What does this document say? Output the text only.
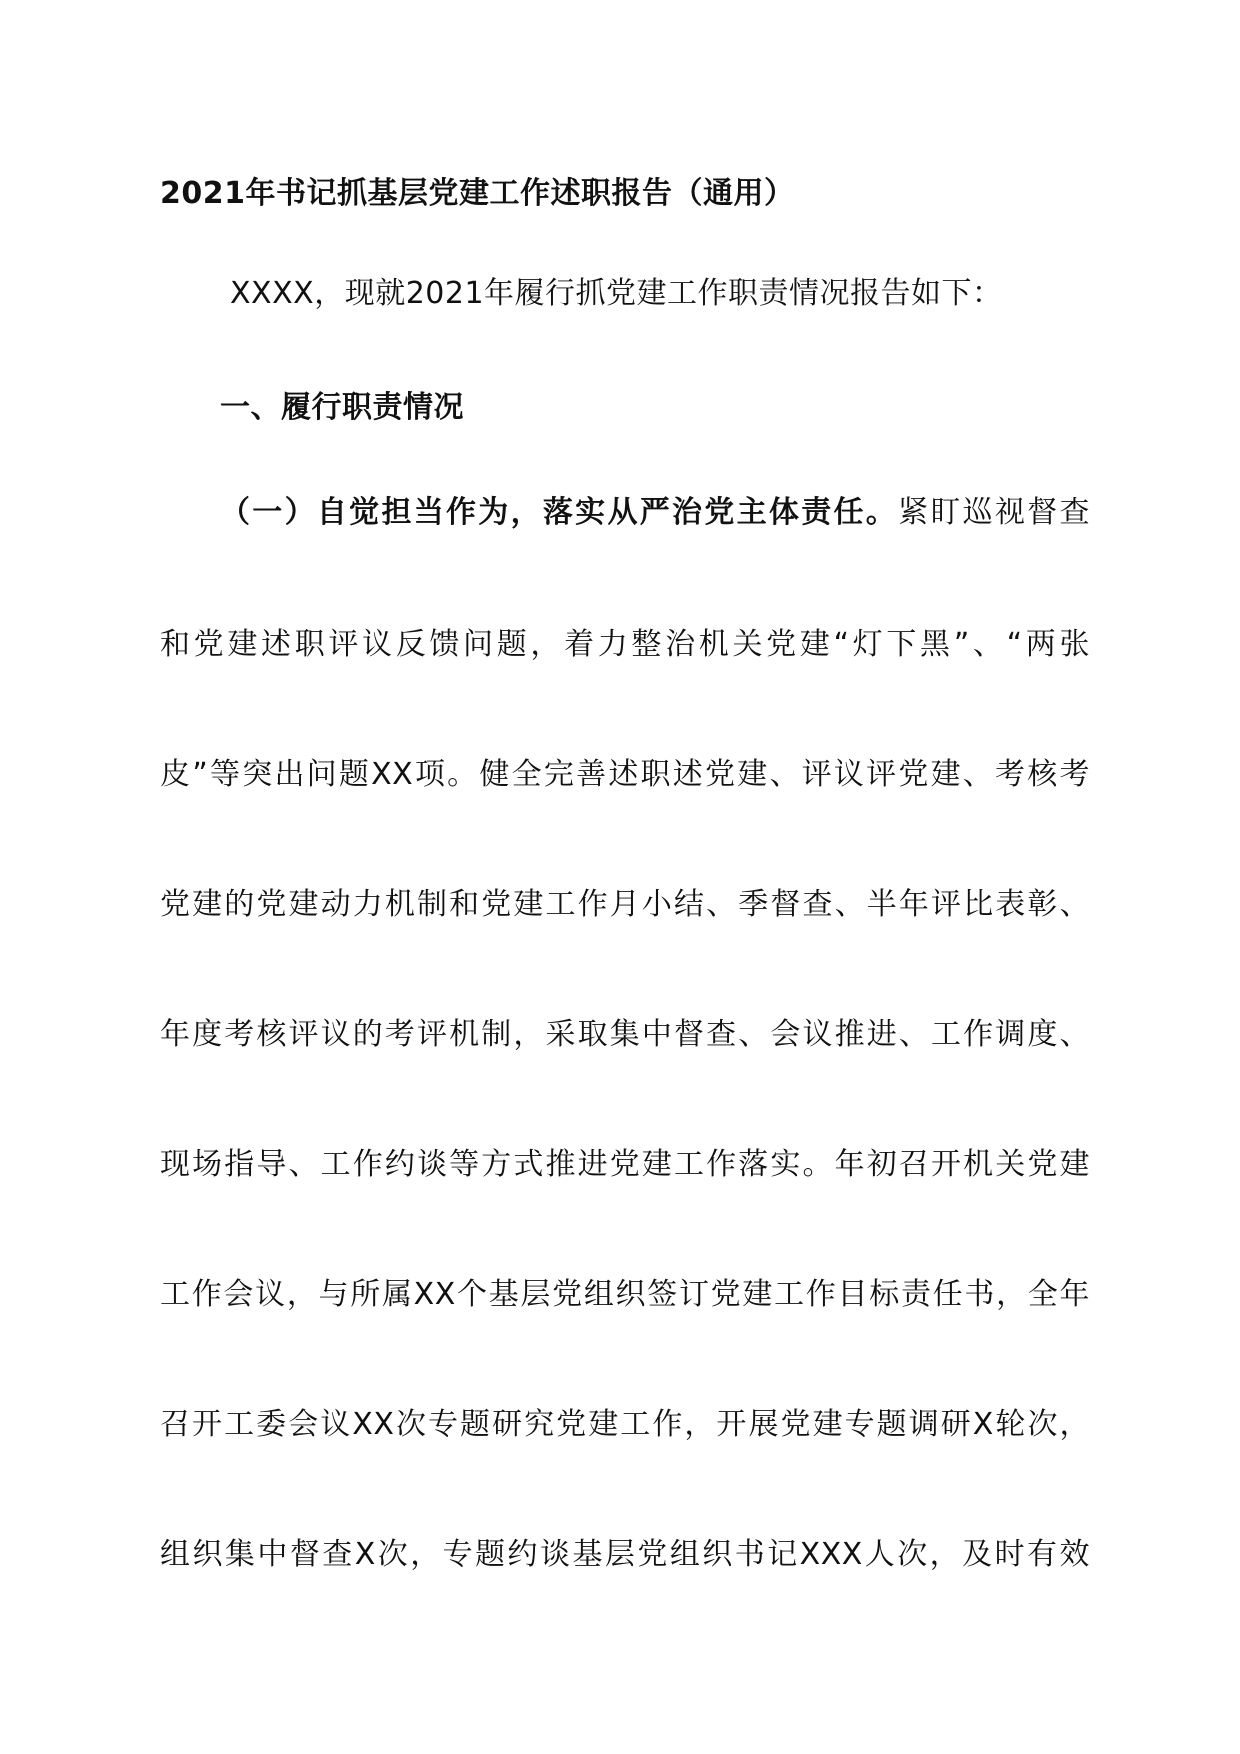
2021年书记抓基层党建工作述职报告（通用）
XXXX，现就2021年履行抓党建工作职责情况报告如下：
一、履行职责情况
（一）自觉担当作为，落实从严治党主体责任。紧盯巡视督查
和党建述职评议反馈问题，着力整治机关党建“灯下黑”、“两张
皮”等突出问题XX项。健全完善述职述党建、评议评党建、考核考
党建的党建动力机制和党建工作月小结、季督查、半年评比表彰、
年度考核评议的考评机制，采取集中督查、会议推进、工作调度、
现场指导、工作约谈等方式推进党建工作落实。年初召开机关党建
工作会议，与所属XX个基层党组织签订党建工作目标责任书，全年
召开工委会议XX次专题研究党建工作，开展党建专题调研X轮次，
组织集中督查X次，专题约谈基层党组织书记XXX人次，及时有效
